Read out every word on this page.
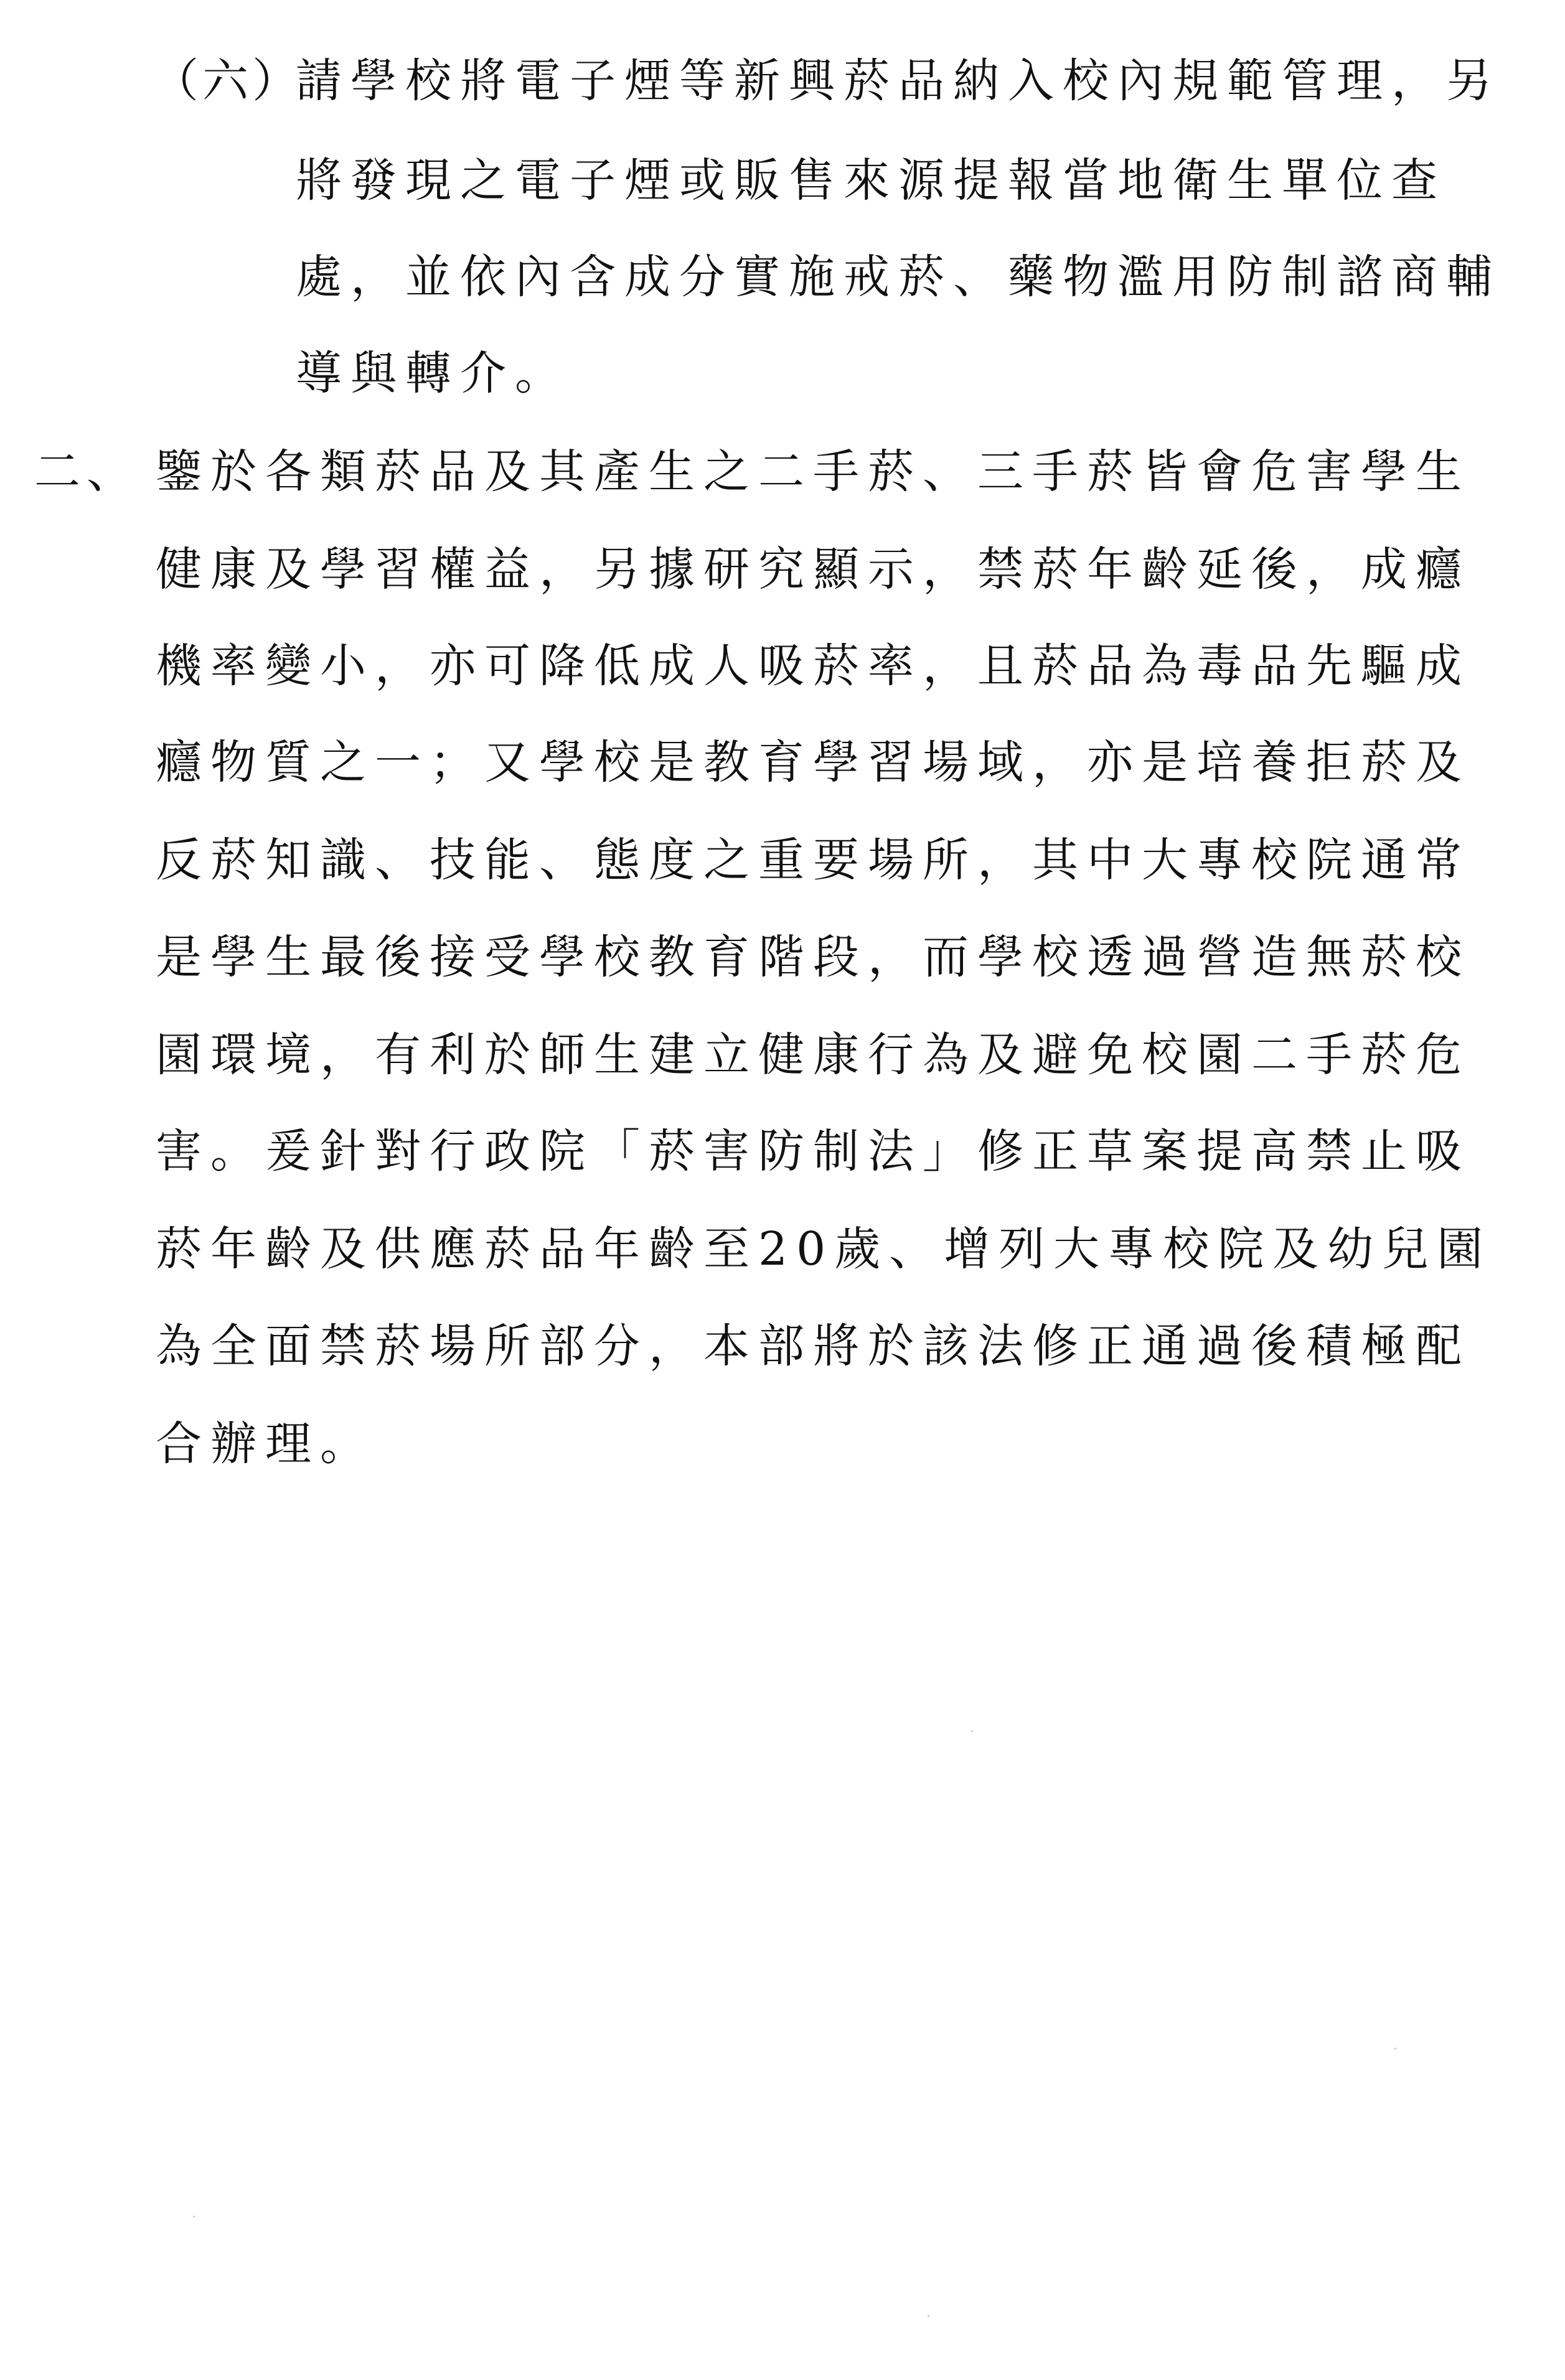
（六）
請學校將電子煙等新興菸品納入校內規範管理，另
將發現之電子煙或販售來源提報當地衛生單位查
處，並依內含成分實施戒菸、藥物濫用防制諮商輔
導與轉介。
二、 鑒於各類菸品及其產生之二手菸、三手菸皆會危害學生
健康及學習權益，另據研究顯示，禁菸年齡延後，成癮
機率變小，亦可降低成人吸菸率，且菸品為毒品先驅成
癮物質之一；又學校是教育學習場域，亦是培養拒菸及
反菸知識、技能、態度之重要場所，其中大專校院通常
是學生最後接受學校教育階段，而學校透過營造無菸校
園環境，有利於師生建立健康行為及避免校園二手菸危
害。爰針對行政院「菸害防制法」修正草案提高禁止吸
菸年齡及供應菸品年齡至20歲、增列大專校院及幼兒園
為全面禁菸場所部分，本部將於該法修正通過後積極配
合辦理。
